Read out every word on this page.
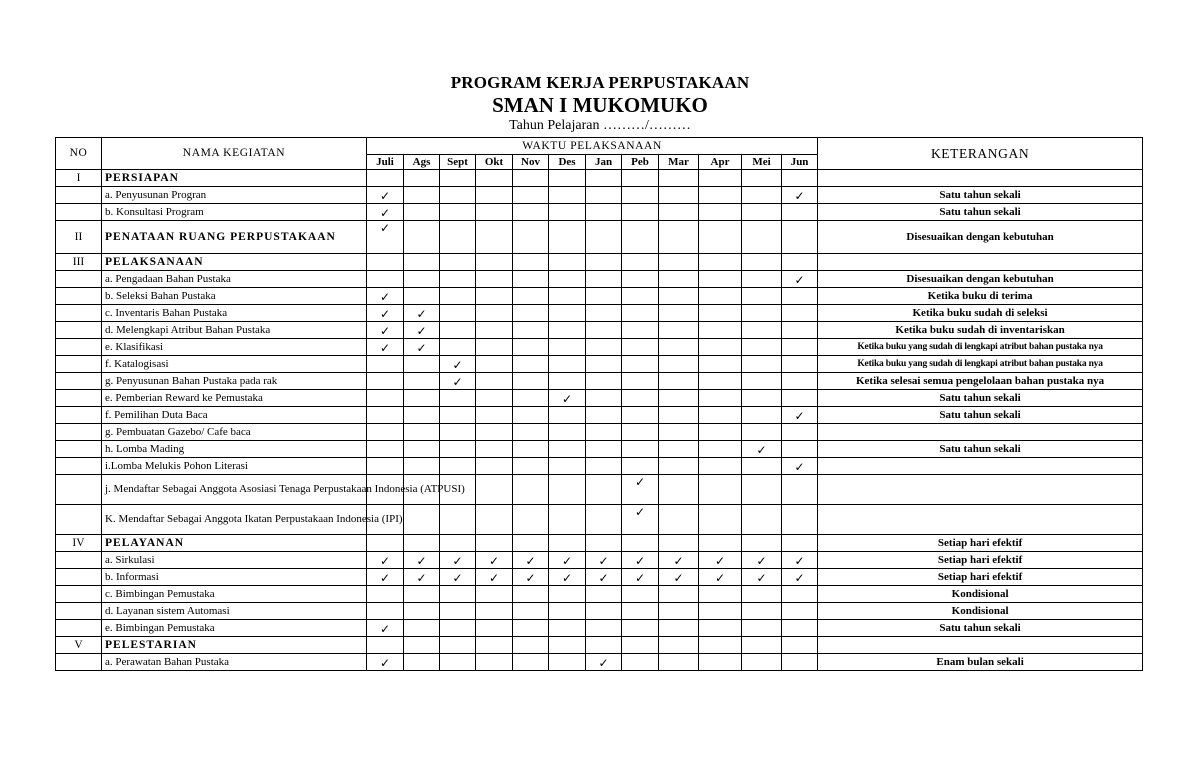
PROGRAM KERJA PERPUSTAKAAN
SMAN I MUKOMUKO
Tahun Pelajaran ………/………
NO	NAMA KEGIATAN	WAKTU PELAKSANAAN												KETERANGAN
		Juli	Ags	Sept	Okt	Nov	Des	Jan	Peb	Mar	Apr	Mei	Jun	
I	PERSIAPAN													
	a. Penyusunan Progran	✓											✓	Satu tahun sekali
	b. Konsultasi Program	✓												Satu tahun sekali
II	PENATAAN RUANG PERPUSTAKAAN	✓												Disesuaikan dengan kebutuhan
III	PELAKSANAAN													
	a. Pengadaan Bahan Pustaka												✓	Disesuaikan dengan kebutuhan
	b. Seleksi Bahan Pustaka	✓												Ketika buku di terima
	c. Inventaris Bahan Pustaka	✓	✓											Ketika buku sudah di seleksi
	d. Melengkapi Atribut Bahan Pustaka	✓	✓											Ketika buku sudah di inventariskan
	e. Klasifikasi	✓	✓											Ketika buku yang sudah di lengkapi atribut bahan pustaka nya
	f. Katalogisasi			✓										Ketika buku yang sudah di lengkapi atribut bahan pustaka nya
	g. Penyusunan Bahan Pustaka pada rak			✓										Ketika selesai semua pengelolaan bahan pustaka nya
	e. Pemberian Reward ke Pemustaka						✓							Satu tahun sekali
	f. Pemilihan Duta Baca												✓	Satu tahun sekali
	g. Pembuatan Gazebo/ Cafe baca													
	h. Lomba Mading											✓		Satu tahun sekali
	i.Lomba Melukis Pohon Literasi												✓	
	j. Mendaftar Sebagai Anggota Asosiasi Tenaga Perpustakaan Indonesia (ATPUSI)								✓					
	K. Mendaftar Sebagai Anggota Ikatan Perpustakaan Indonesia (IPI)								✓					
IV	PELAYANAN													Setiap hari efektif
	a. Sirkulasi	✓	✓	✓	✓	✓	✓	✓	✓	✓	✓	✓	✓	Setiap hari efektif
	b. Informasi	✓	✓	✓	✓	✓	✓	✓	✓	✓	✓	✓	✓	Setiap hari efektif
	c. Bimbingan Pemustaka													Kondisional
	d. Layanan sistem Automasi													Kondisional
	e. Bimbingan Pemustaka	✓												Satu tahun sekali
V	PELESTARIAN													
	a. Perawatan Bahan Pustaka	✓						✓						Enam bulan sekali
